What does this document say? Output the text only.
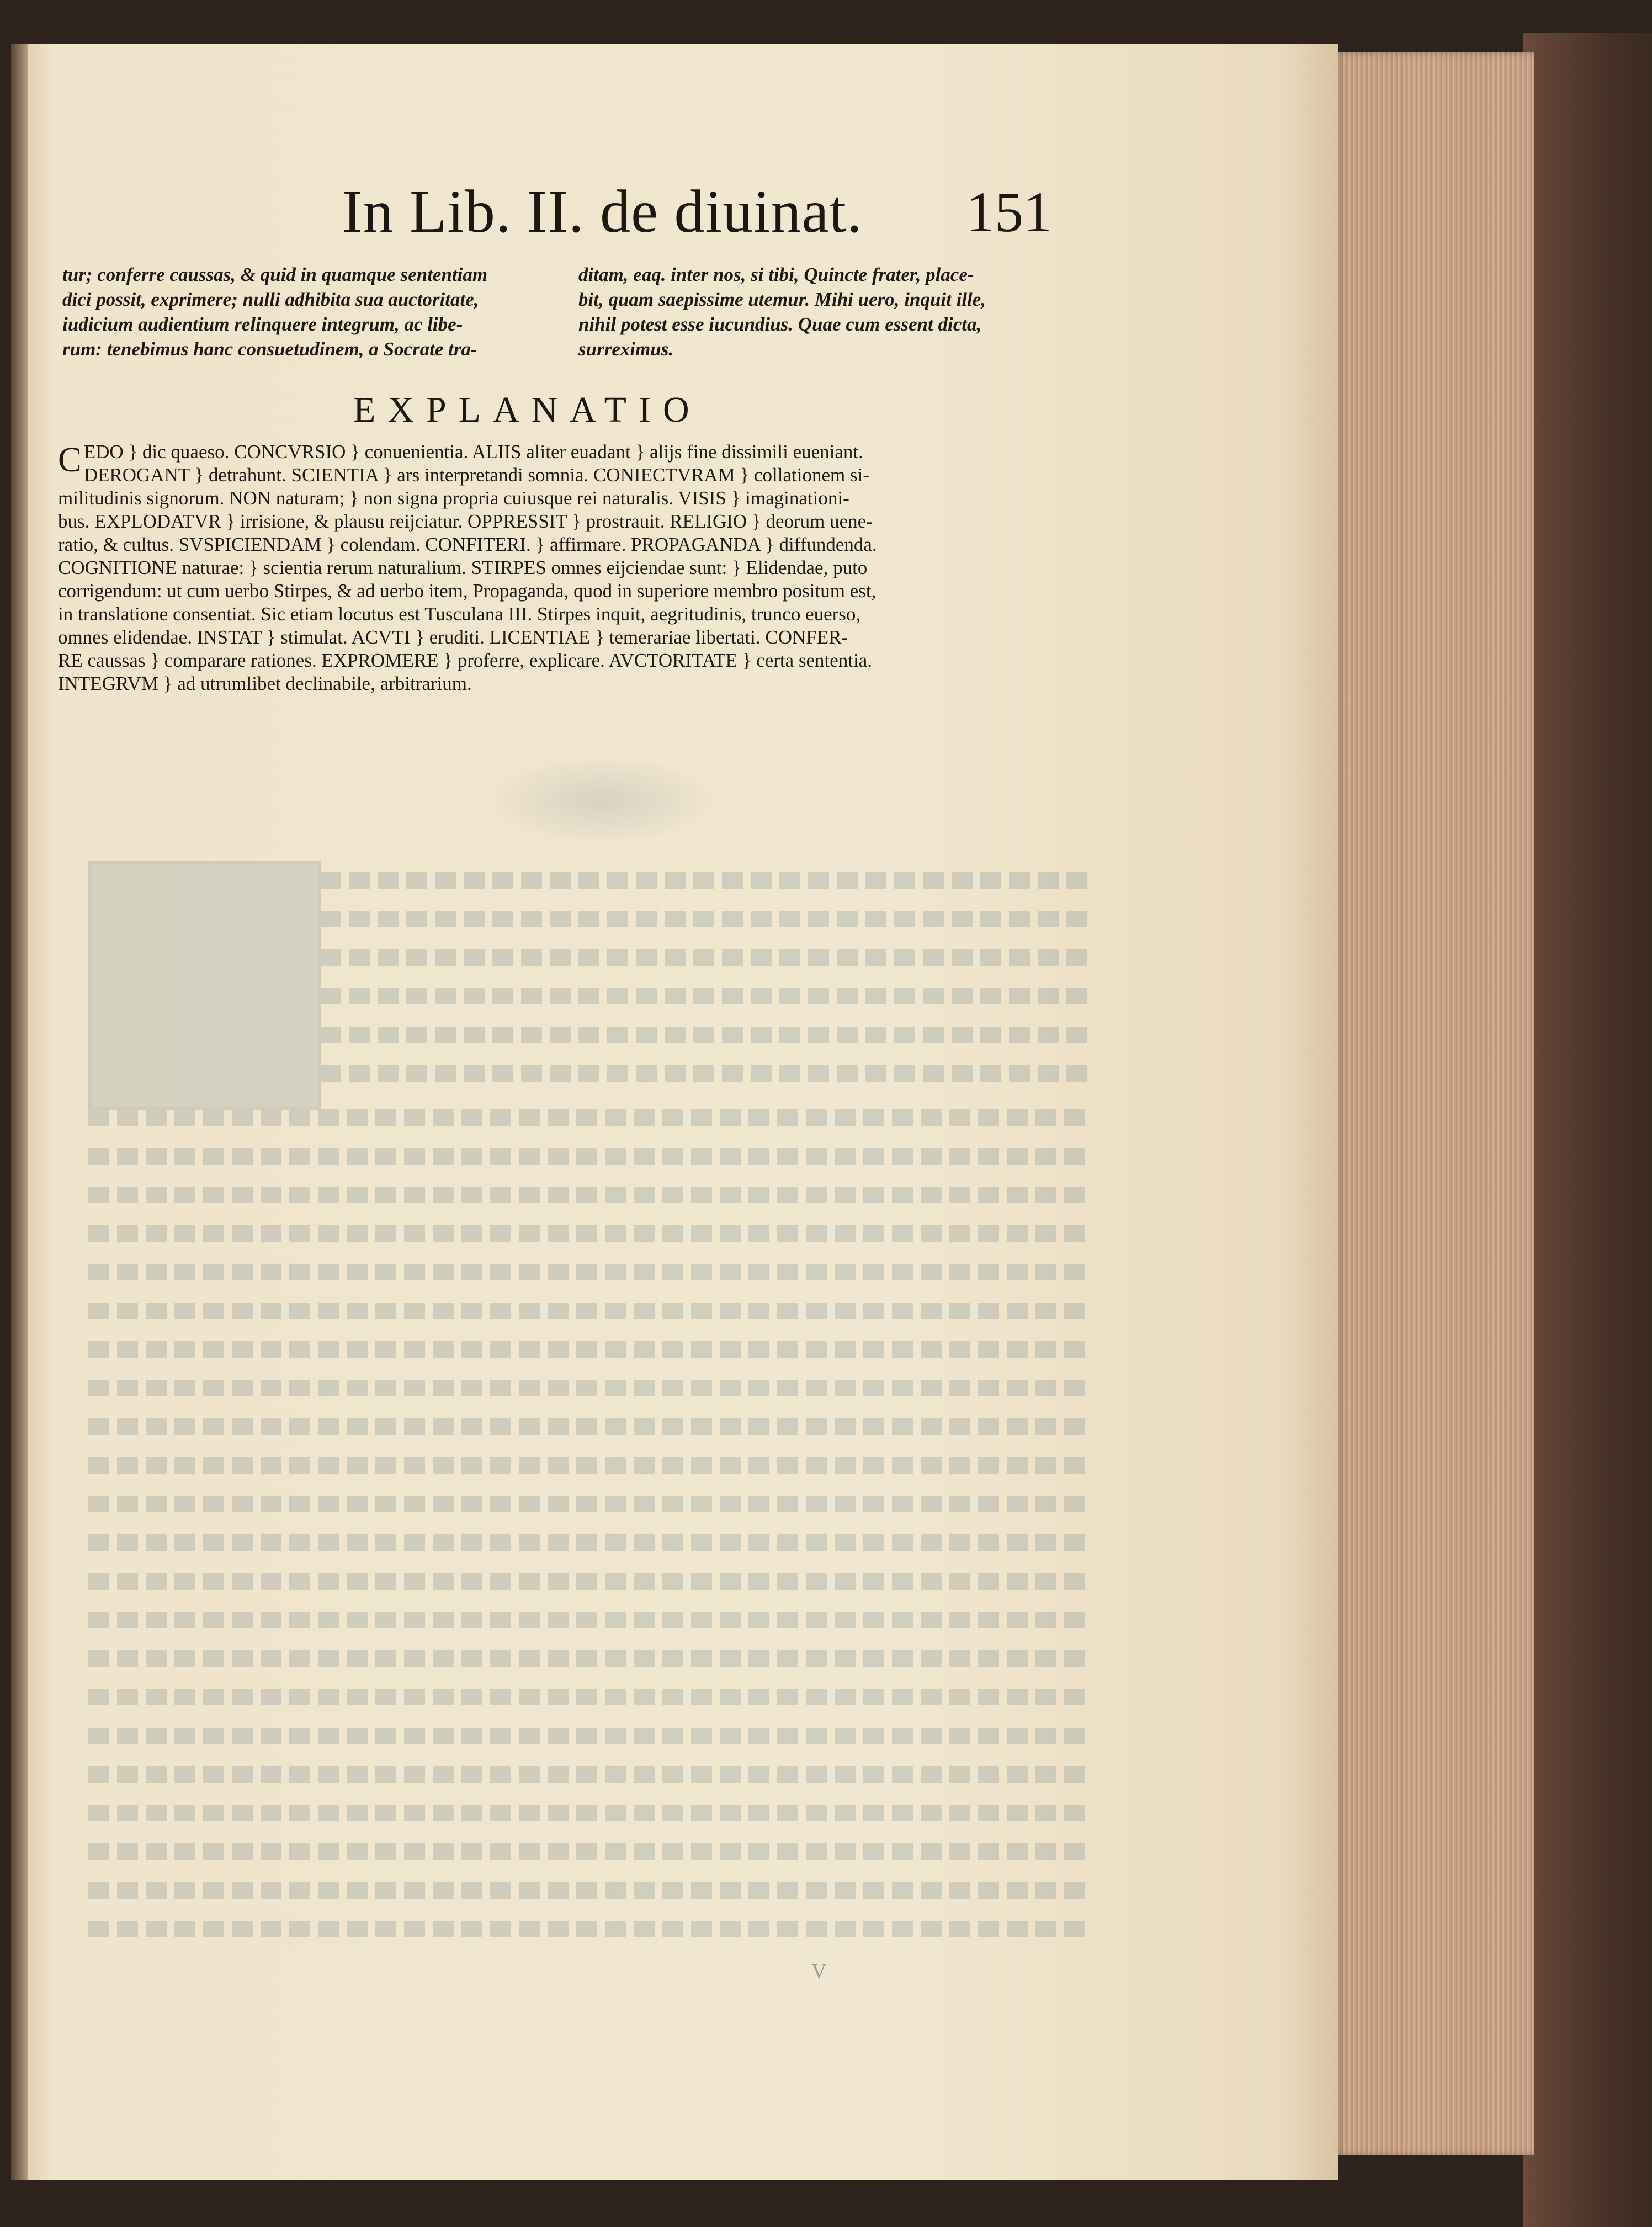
In Lib. II. de diuinat. 151

tur; conferre caussas, & quid in quamque sententiam

dici possit, exprimere; nulli adhibita sua auctoritate,

iudicium audientium relinquere integrum, ac libe-

rum: tenebimus hanc consuetudinem, a Socrate tra-

ditam, eaq. inter nos, si tibi, Quincte frater, place-

bit, quam saepissime utemur. Mihi uero, inquit ille,

nihil potest esse iucundius. Quae cum essent dicta,

surreximus.

EXPLANATIO
C EDO } dic quaeso. CONCVRSIO } conuenientia. ALIIS aliter euadant } alijs fine dissimili eueniant.

DEROGANT } detrahunt. SCIENTIA } ars interpretandi somnia. CONIECTVRAM } collationem si-

militudinis signorum. NON naturam; } non signa propria cuiusque rei naturalis. VISIS } imaginationi-

bus. EXPLODATVR } irrisione, & plausu reijciatur. OPPRESSIT } prostrauit. RELIGIO } deorum uene-

ratio, & cultus. SVSPICIENDAM } colendam. CONFITERI. } affirmare. PROPAGANDA } diffundenda.

COGNITIONE naturae: } scientia rerum naturalium. STIRPES omnes eijciendae sunt: } Elidendae, puto

corrigendum: ut cum uerbo Stirpes, & ad uerbo item, Propaganda, quod in superiore membro positum est,

in translatione consentiat. Sic etiam locutus est Tusculana III. Stirpes inquit, aegritudinis, trunco euerso,

omnes elidendae. INSTAT } stimulat. ACVTI } eruditi. LICENTIAE } temerariae libertati. CONFER-

RE caussas } comparare rationes. EXPROMERE } proferre, explicare. AVCTORITATE } certa sententia.

INTEGRVM } ad utrumlibet declinabile, arbitrarium.

V
